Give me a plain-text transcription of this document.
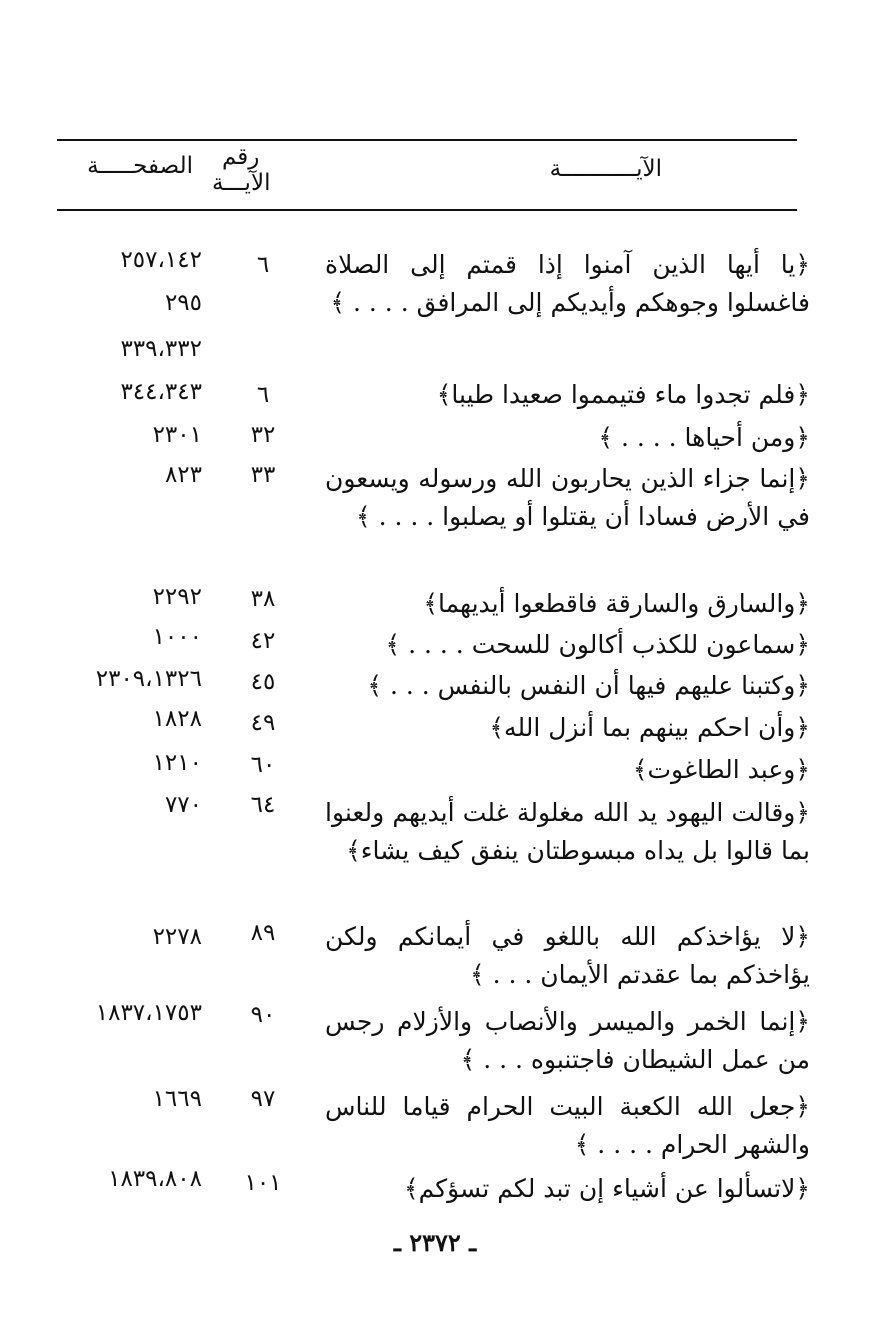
الآيـــــــــــة
رقم
الآيـــة
الصفحـــــة
﴿يا أيها الذين آمنوا إذا قمتم إلى الصلاة فاغسلوا وجوهكم وأيديكم إلى المرافق . . . . ﴾
٦
٢٥٧،١٤٢
٢٩٥
٣٣٩،٣٣٢
﴿فلم تجدوا ماء فتيمموا صعيدا طيبا﴾
٦
٣٤٤،٣٤٣
﴿ومن أحياها . . . . ﴾
٣٢
٢٣٠١
﴿إنما جزاء الذين يحاربون الله ورسوله ويسعون في الأرض فسادا أن يقتلوا أو يصلبوا . . . . ﴾
٣٣
٨٢٣
﴿والسارق والسارقة فاقطعوا أيديهما﴾
٣٨
٢٢٩٢
﴿سماعون للكذب أكالون للسحت . . . . ﴾
٤٢
١٠٠٠
﴿وكتبنا عليهم فيها أن النفس بالنفس . . . ﴾
٤٥
٢٣٠٩،١٣٢٦
﴿وأن احكم بينهم بما أنزل الله﴾
٤٩
١٨٢٨
﴿وعبد الطاغوت﴾
٦٠
١٢١٠
﴿وقالت اليهود يد الله مغلولة غلت أيديهم ولعنوا بما قالوا بل يداه مبسوطتان ينفق كيف يشاء﴾
٦٤
٧٧٠
﴿لا يؤاخذكم الله باللغو في أيمانكم ولكن يؤاخذكم بما عقدتم الأيمان . . . ﴾
٨٩
٢٢٧٨
﴿إنما الخمر والميسر والأنصاب والأزلام رجس من عمل الشيطان فاجتنبوه . . . ﴾
٩٠
١٨٣٧،١٧٥٣
﴿جعل الله الكعبة البيت الحرام قياما للناس والشهر الحرام . . . . ﴾
٩٧
١٦٦٩
﴿لاتسألوا عن أشياء إن تبد لكم تسؤكم﴾
١٠١
١٨٣٩،٨٠٨
ـ ٢٣٧٢ ـ
